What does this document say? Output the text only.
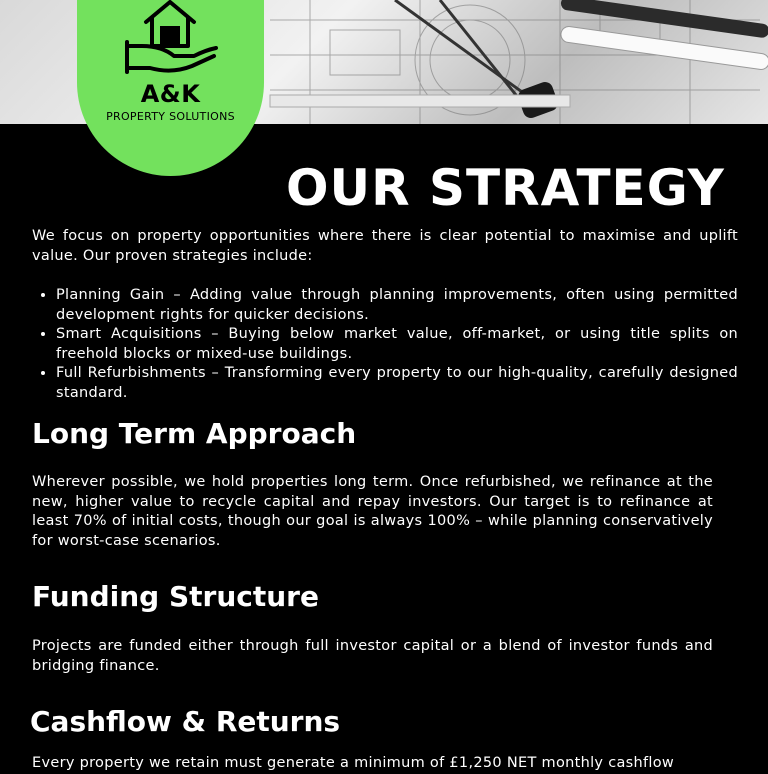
A&K
PROPERTY SOLUTIONS
OUR STRATEGY

We focus on property opportunities where there is clear potential to maximise and uplift value. Our proven strategies include:

• Planning Gain – Adding value through planning improvements, often using permitted development rights for quicker decisions.
• Smart Acquisitions – Buying below market value, off-market, or using title splits on freehold blocks or mixed-use buildings.
• Full Refurbishments – Transforming every property to our high-quality, carefully designed standard.
Long Term Approach

Wherever possible, we hold properties long term. Once refurbished, we refinance at the new, higher value to recycle capital and repay investors. Our target is to refinance at least 70% of initial costs, though our goal is always 100% – while planning conservatively for worst-case scenarios.

Funding Structure

Projects are funded either through full investor capital or a blend of investor funds and bridging finance.

Cashflow & Returns

Every property we retain must generate a minimum of £1,250 NET monthly cashflow
